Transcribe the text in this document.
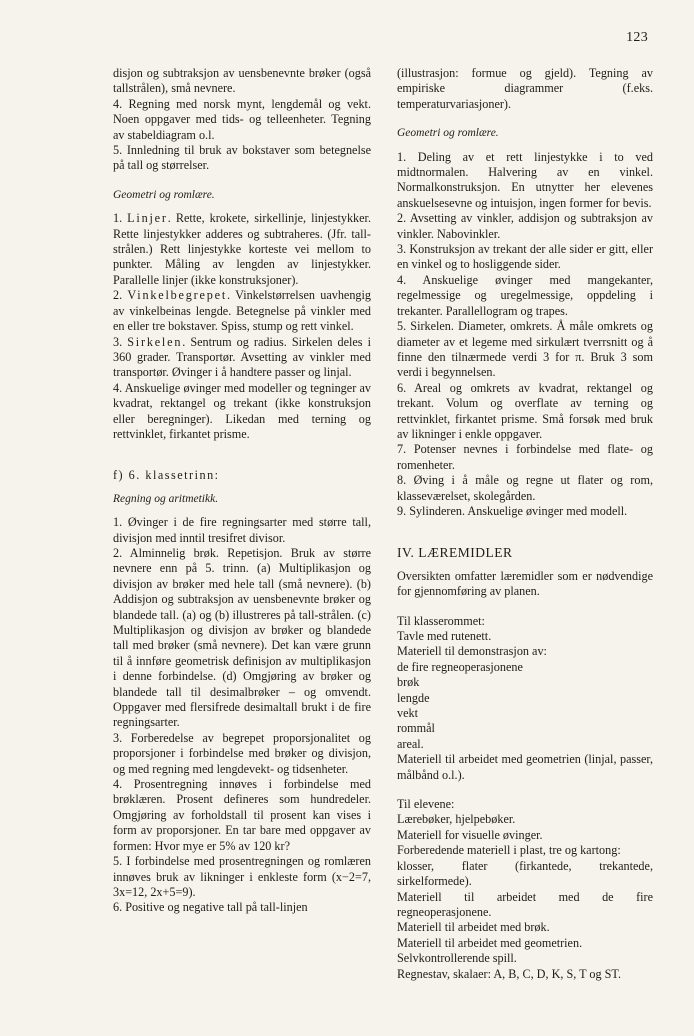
123

disjon og subtraksjon av uensbenevnte brøker (også tallstrålen), små nevnere.

4. Regning med norsk mynt, lengdemål og vekt. Noen oppgaver med tids- og telleenheter. Tegning av stabeldiagram o.l.

5. Innledning til bruk av bokstaver som betegnelse på tall og størrelser.

Geometri og romlære.

1. Linjer. Rette, krokete, sirkellinje, linjestykker. Rette linjestykker adderes og subtraheres. (Jfr. tall-strålen.) Rett linjestykke korteste vei mellom to punkter. Måling av lengden av linjestykker. Parallelle linjer (ikke konstruksjoner).

2. Vinkelbegrepet. Vinkelstørrelsen uavhengig av vinkelbeinas lengde. Betegnelse på vinkler med en eller tre bokstaver. Spiss, stump og rett vinkel.

3. Sirkelen. Sentrum og radius. Sirkelen deles i 360 grader. Transportør. Avsetting av vinkler med transportør. Øvinger i å handtere passer og linjal.

4. Anskuelige øvinger med modeller og tegninger av kvadrat, rektangel og trekant (ikke konstruksjon eller beregninger). Likedan med terning og rettvinklet, firkantet prisme.

f) 6. klassetrinn:

Regning og aritmetikk.

1. Øvinger i de fire regningsarter med større tall, divisjon med inntil tresifret divisor.

2. Alminnelig brøk. Repetisjon. Bruk av større nevnere enn på 5. trinn. (a) Multiplikasjon og divisjon av brøker med hele tall (små nevnere). (b) Addisjon og subtraksjon av uensbenevnte brøker og blandede tall. (a) og (b) illustreres på tall-strålen. (c) Multiplikasjon og divisjon av brøker og blandede tall med brøker (små nevnere). Det kan være grunn til å innføre geometrisk definisjon av multiplikasjon i denne forbindelse. (d) Omgjøring av brøker og blandede tall til desimalbrøker – og omvendt. Oppgaver med flersifrede desimaltall brukt i de fire regningsarter.

3. Forberedelse av begrepet proporsjonalitet og proporsjoner i forbindelse med brøker og divisjon, og med regning med lengdevekt- og tidsenheter.

4. Prosentregning innøves i forbindelse med brøklæren. Prosent defineres som hundredeler. Omgjøring av forholdstall til prosent kan vises i form av proporsjoner. En tar bare med oppgaver av formen: Hvor mye er 5% av 120 kr?

5. I forbindelse med prosentregningen og romlæren innøves bruk av likninger i enkleste form (x−2=7, 3x=12, 2x+5=9).

6. Positive og negative tall på tall-linjen

(illustrasjon: formue og gjeld). Tegning av empiriske diagrammer (f.eks. temperaturvariasjoner).

Geometri og romlære.

1. Deling av et rett linjestykke i to ved midtnormalen. Halvering av en vinkel. Normalkonstruksjon. En utnytter her elevenes anskuelsesevne og intuisjon, ingen former for bevis.

2. Avsetting av vinkler, addisjon og subtraksjon av vinkler. Nabovinkler.

3. Konstruksjon av trekant der alle sider er gitt, eller en vinkel og to hosliggende sider.

4. Anskuelige øvinger med mangekanter, regelmessige og uregelmessige, oppdeling i trekanter. Parallellogram og trapes.

5. Sirkelen. Diameter, omkrets. Å måle omkrets og diameter av et legeme med sirkulært tverrsnitt og å finne den tilnærmede verdi 3 for π. Bruk 3 som verdi i begynnelsen.

6. Areal og omkrets av kvadrat, rektangel og trekant. Volum og overflate av terning og rettvinklet, firkantet prisme. Små forsøk med bruk av likninger i enkle oppgaver.

7. Potenser nevnes i forbindelse med flate- og romenheter.

8. Øving i å måle og regne ut flater og rom, klasseværelset, skolegården.

9. Sylinderen. Anskuelige øvinger med modell.

IV. LÆREMIDLER

Oversikten omfatter læremidler som er nødvendige for gjennomføring av planen.

Til klasserommet:

Tavle med rutenett.

Materiell til demonstrasjon av:

de fire regneoperasjonene

brøk

lengde

vekt

rommål

areal.

Materiell til arbeidet med geometrien (linjal, passer, målbånd o.l.).

Til elevene:

Lærebøker, hjelpebøker.

Materiell for visuelle øvinger.

Forberedende materiell i plast, tre og kartong:

klosser, flater (firkantede, trekantede, sirkelformede).

Materiell til arbeidet med de fire regneoperasjonene.

Materiell til arbeidet med brøk.

Materiell til arbeidet med geometrien.

Selvkontrollerende spill.

Regnestav, skalaer: A, B, C, D, K, S, T og ST.
